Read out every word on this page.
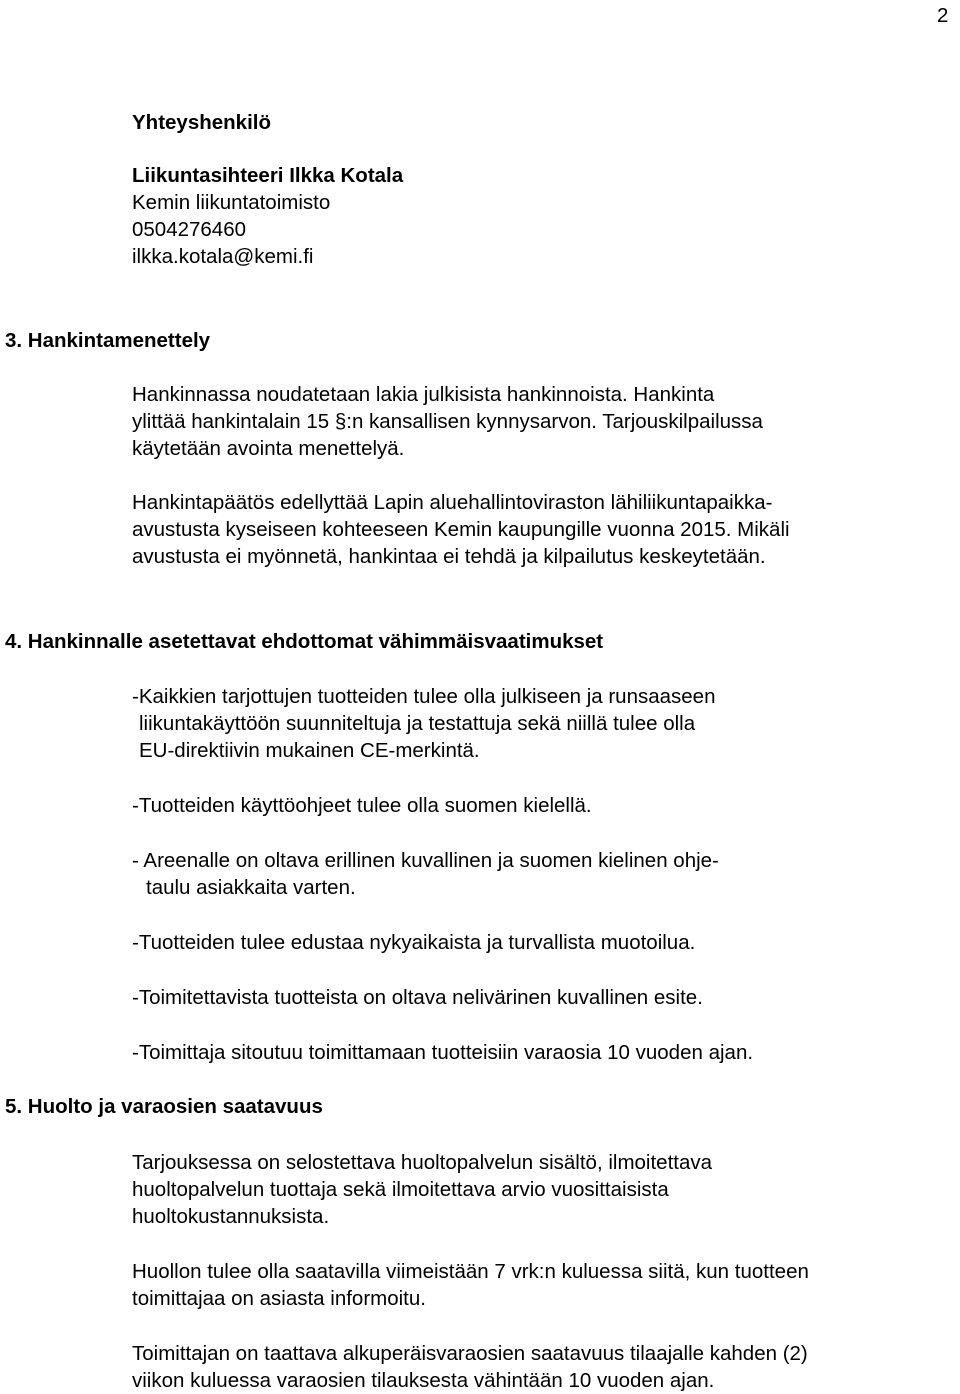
2
Yhteyshenkilö
Liikuntasihteeri Ilkka Kotala
Kemin liikuntatoimisto
0504276460
ilkka.kotala@kemi.fi
3. Hankintamenettely
Hankinnassa noudatetaan lakia julkisista hankinnoista. Hankinta
ylittää hankintalain 15 §:n kansallisen kynnysarvon. Tarjouskilpailussa
käytetään avointa menettelyä.
Hankintapäätös edellyttää Lapin aluehallintoviraston lähiliikuntapaikka-
avustusta kyseiseen kohteeseen Kemin kaupungille vuonna 2015. Mikäli
avustusta ei myönnetä, hankintaa ei tehdä ja kilpailutus keskeytetään.
4. Hankinnalle asetettavat ehdottomat vähimmäisvaatimukset
-Kaikkien tarjottujen tuotteiden tulee olla julkiseen ja runsaaseen
liikuntakäyttöön suunniteltuja ja testattuja sekä niillä tulee olla
EU-direktiivin mukainen CE-merkintä.
-Tuotteiden käyttöohjeet tulee olla suomen kielellä.
- Areenalle on oltava erillinen kuvallinen ja suomen kielinen ohje-
taulu asiakkaita varten.
-Tuotteiden tulee edustaa nykyaikaista ja turvallista muotoilua.
-Toimitettavista tuotteista on oltava nelivärinen kuvallinen esite.
-Toimittaja sitoutuu toimittamaan tuotteisiin varaosia 10 vuoden ajan.
5. Huolto ja varaosien saatavuus
Tarjouksessa on selostettava huoltopalvelun sisältö, ilmoitettava
huoltopalvelun tuottaja sekä ilmoitettava arvio vuosittaisista
huoltokustannuksista.
Huollon tulee olla saatavilla viimeistään 7 vrk:n kuluessa siitä, kun tuotteen
toimittajaa on asiasta informoitu.
Toimittajan on taattava alkuperäisvaraosien saatavuus tilaajalle kahden (2)
viikon kuluessa varaosien tilauksesta vähintään 10 vuoden ajan.
